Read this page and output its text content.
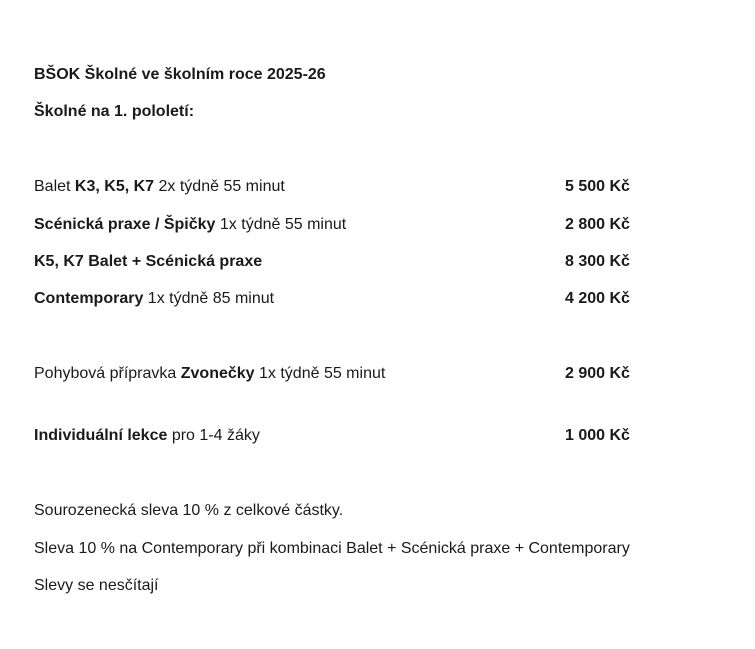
BŠOK Školné ve školním roce 2025-26
Školné na 1. pololetí:
Balet K3, K5, K7 2x týdně 55 minut	5 500 Kč
Scénická praxe / Špičky 1x týdně 55 minut	2 800 Kč
K5, K7 Balet + Scénická praxe	8 300 Kč
Contemporary 1x týdně 85 minut	4 200 Kč
Pohybová přípravka Zvonečky 1x týdně 55 minut	2 900 Kč
Individuální lekce pro 1-4 žáky	1 000 Kč
Sourozenecká sleva 10 % z celkové částky.
Sleva 10 % na Contemporary při kombinaci Balet + Scénická praxe + Contemporary
Slevy se nesčítají
